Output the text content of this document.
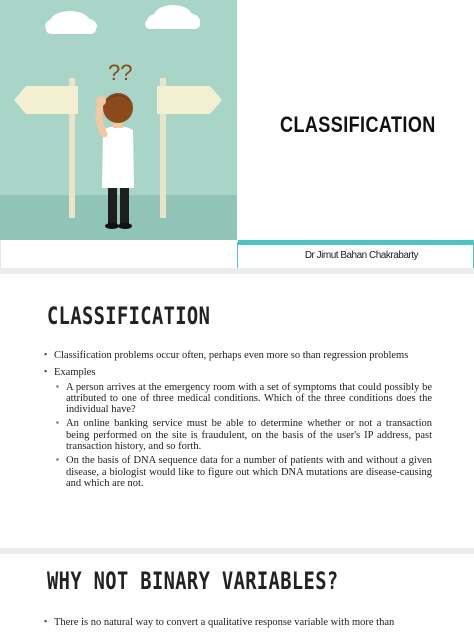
??
CLASSIFICATION
Dr Jimut Bahan Chakrabarty
CLASSIFICATION
▪ Classification problems occur often, perhaps even more so than regression problems
▪ Examples
▪ A person arrives at the emergency room with a set of symptoms that could possibly be attributed to one of three medical conditions. Which of the three conditions does the individual have?
▪ An online banking service must be able to determine whether or not a transaction being performed on the site is fraudulent, on the basis of the user's IP address, past transaction history, and so forth.
▪ On the basis of DNA sequence data for a number of patients with and without a given disease, a biologist would like to figure out which DNA mutations are disease-causing and which are not.
WHY NOT BINARY VARIABLES?
▪ There is no natural way to convert a qualitative response variable with more than
